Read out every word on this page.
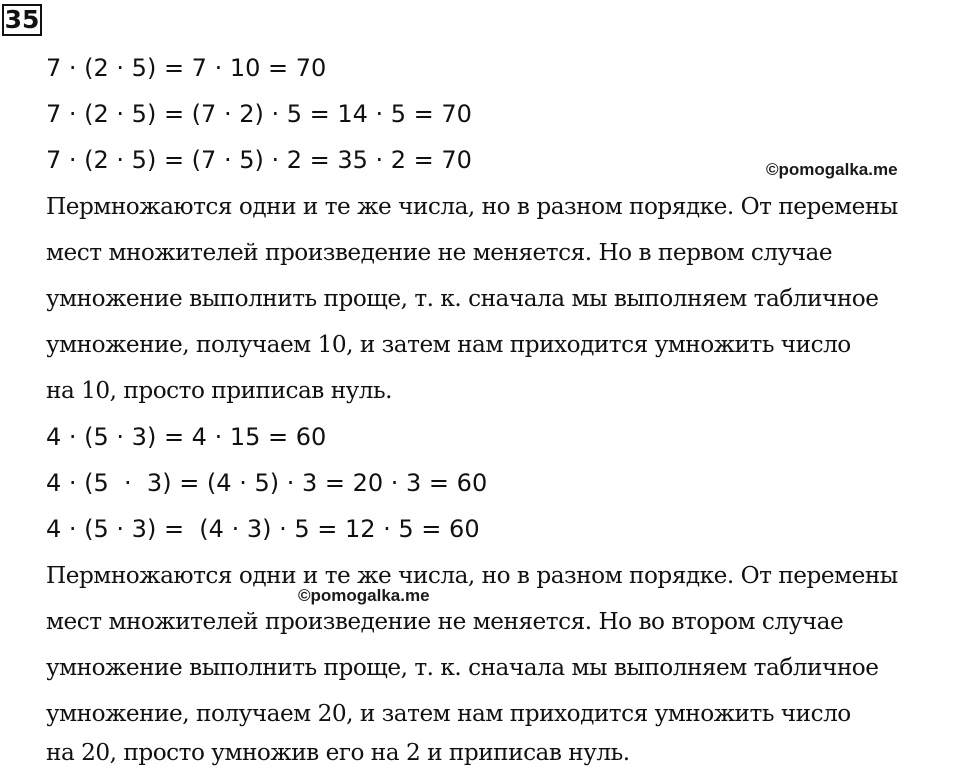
35
7 · (2 · 5) = 7 · 10 = 70
7 · (2 · 5) = (7 · 2) · 5 = 14 · 5 = 70
7 · (2 · 5) = (7 · 5) · 2 = 35 · 2 = 70
Пермножаются одни и те же числа, но в разном порядке. От перемены
мест множителей произведение не меняется. Но в первом случае
умножение выполнить проще, т. к. сначала мы выполняем табличное
умножение, получаем 10, и затем нам приходится умножить число
на 10, просто приписав нуль.
4 · (5 · 3) = 4 · 15 = 60
4 · (5  ·  3) = (4 · 5) · 3 = 20 · 3 = 60
4 · (5 · 3) =  (4 · 3) · 5 = 12 · 5 = 60
Пермножаются одни и те же числа, но в разном порядке. От перемены
мест множителей произведение не меняется. Но во втором случае
умножение выполнить проще, т. к. сначала мы выполняем табличное
умножение, получаем 20, и затем нам приходится умножить число
на 20, просто умножив его на 2 и приписав нуль.
©pomogalka.me
©pomogalka.me
